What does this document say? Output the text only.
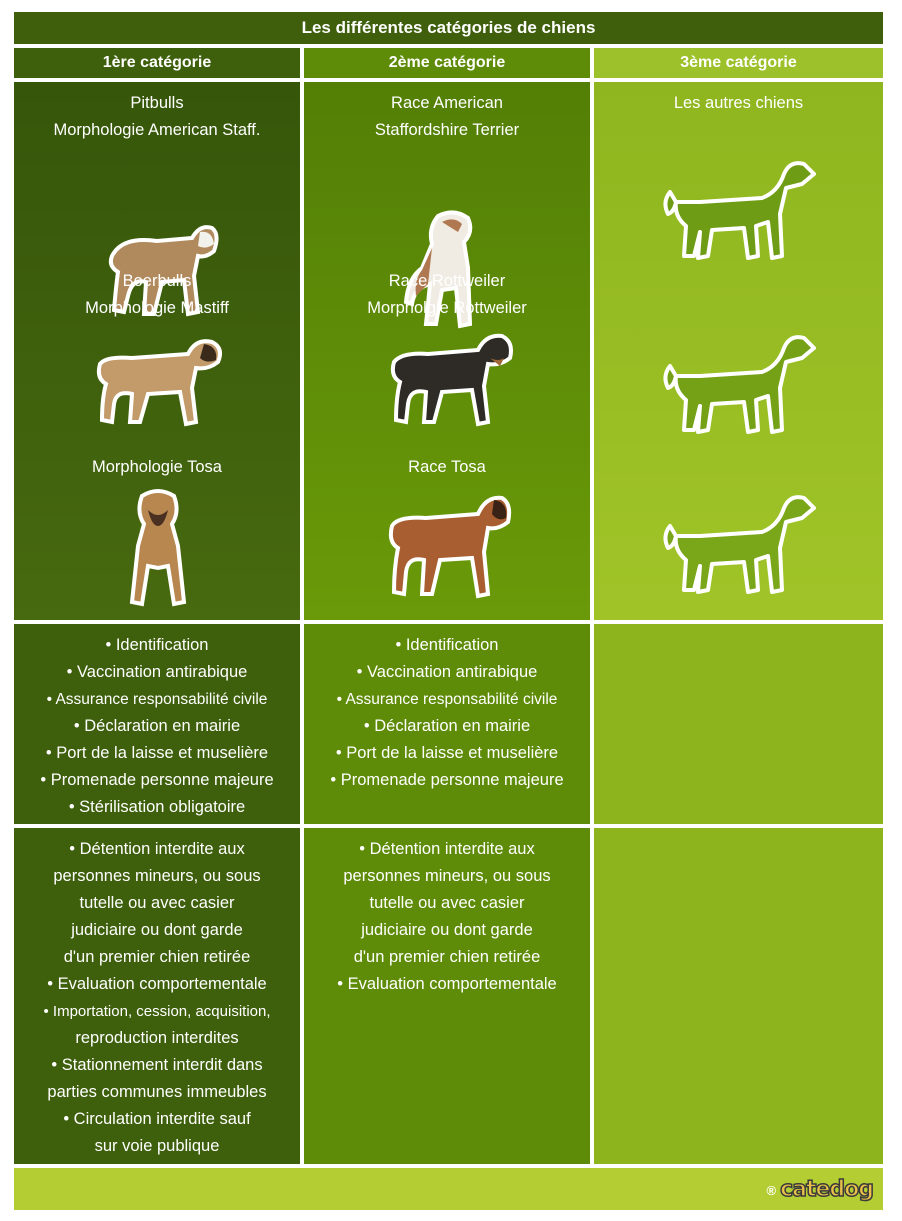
Les différentes catégories de chiens
1ère catégorie	2ème catégorie	3ème catégorie
Pitbulls
Morphologie American Staff.
Boerbulls
Morphologie Mastiff
Morphologie Tosa
Race American
Staffordshire Terrier
Race Rottweiler
Morpholgie Rottweiler
Race Tosa
Les autres chiens
• Identification
• Vaccination antirabique
• Assurance responsabilité civile
• Déclaration en mairie
• Port de la laisse et muselière
• Promenade personne majeure
• Stérilisation obligatoire
• Identification
• Vaccination antirabique
• Assurance responsabilité civile
• Déclaration en mairie
• Port de la laisse et muselière
• Promenade personne majeure
• Détention interdite aux
personnes mineurs, ou sous
tutelle ou avec casier
judiciaire ou dont garde
d'un premier chien retirée
• Evaluation comportementale
• Importation, cession, acquisition,
reproduction interdites
• Stationnement interdit dans
parties communes immeubles
• Circulation interdite sauf
sur voie publique
• Détention interdite aux
personnes mineurs, ou sous
tutelle ou avec casier
judiciaire ou dont garde
d'un premier chien retirée
• Evaluation comportementale
® catedog
